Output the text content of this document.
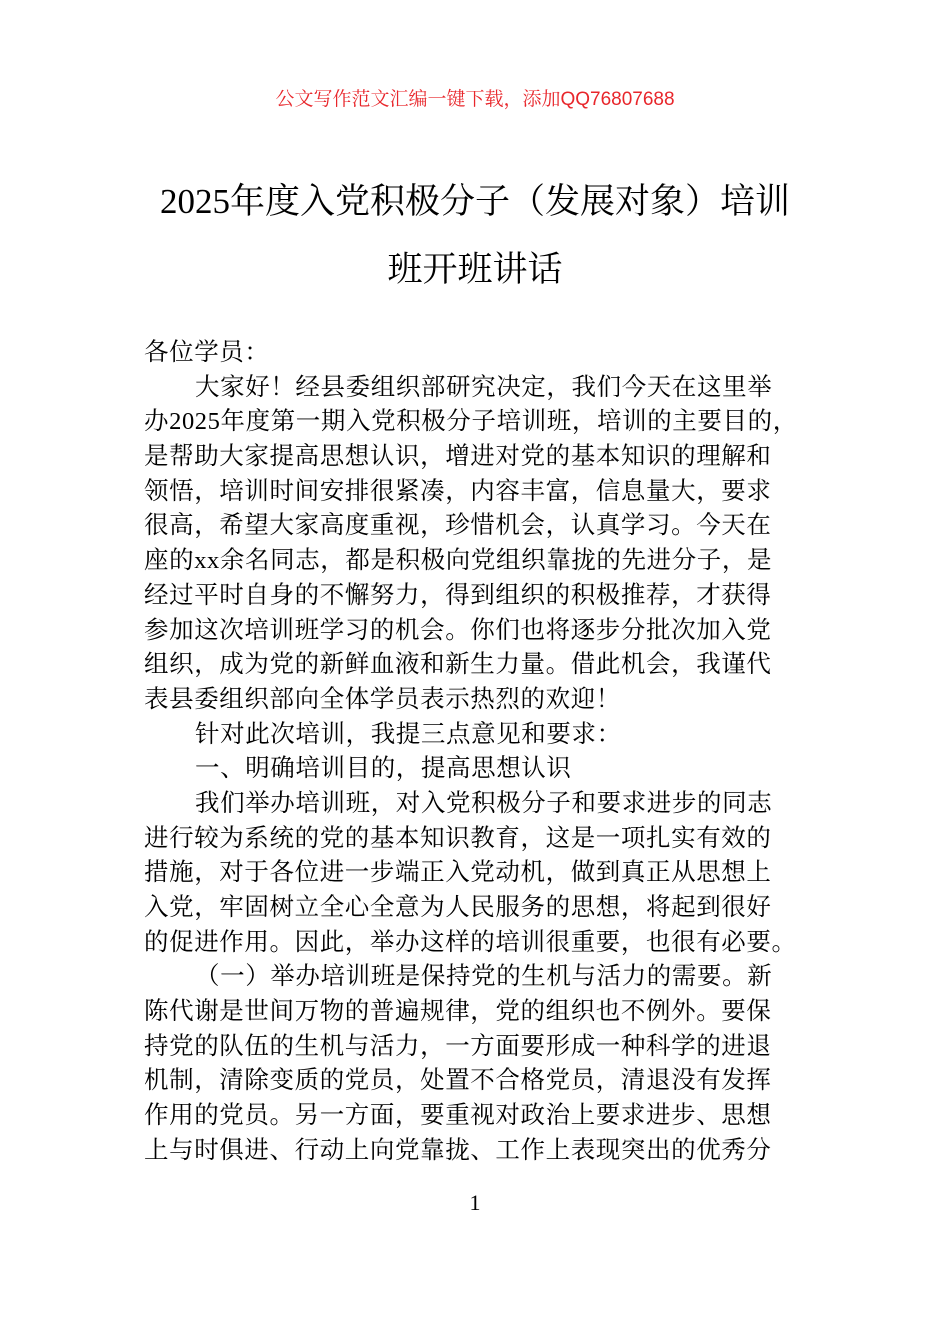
公文写作范文汇编一键下载，添加QQ76807688
2025年度入党积极分子（发展对象）培训
班开班讲话
各位学员：
大家好！经县委组织部研究决定，我们今天在这里举
办2025年度第一期入党积极分子培训班，培训的主要目的，
是帮助大家提高思想认识，增进对党的基本知识的理解和
领悟，培训时间安排很紧凑，内容丰富，信息量大，要求
很高，希望大家高度重视，珍惜机会，认真学习。今天在
座的xx余名同志，都是积极向党组织靠拢的先进分子，是
经过平时自身的不懈努力，得到组织的积极推荐，才获得
参加这次培训班学习的机会。你们也将逐步分批次加入党
组织，成为党的新鲜血液和新生力量。借此机会，我谨代
表县委组织部向全体学员表示热烈的欢迎！
针对此次培训，我提三点意见和要求：
一、明确培训目的，提高思想认识
我们举办培训班，对入党积极分子和要求进步的同志
进行较为系统的党的基本知识教育，这是一项扎实有效的
措施，对于各位进一步端正入党动机，做到真正从思想上
入党，牢固树立全心全意为人民服务的思想，将起到很好
的促进作用。因此，举办这样的培训很重要，也很有必要。
（一）举办培训班是保持党的生机与活力的需要。新
陈代谢是世间万物的普遍规律，党的组织也不例外。要保
持党的队伍的生机与活力，一方面要形成一种科学的进退
机制，清除变质的党员，处置不合格党员，清退没有发挥
作用的党员。另一方面，要重视对政治上要求进步、思想
上与时俱进、行动上向党靠拢、工作上表现突出的优秀分
1
